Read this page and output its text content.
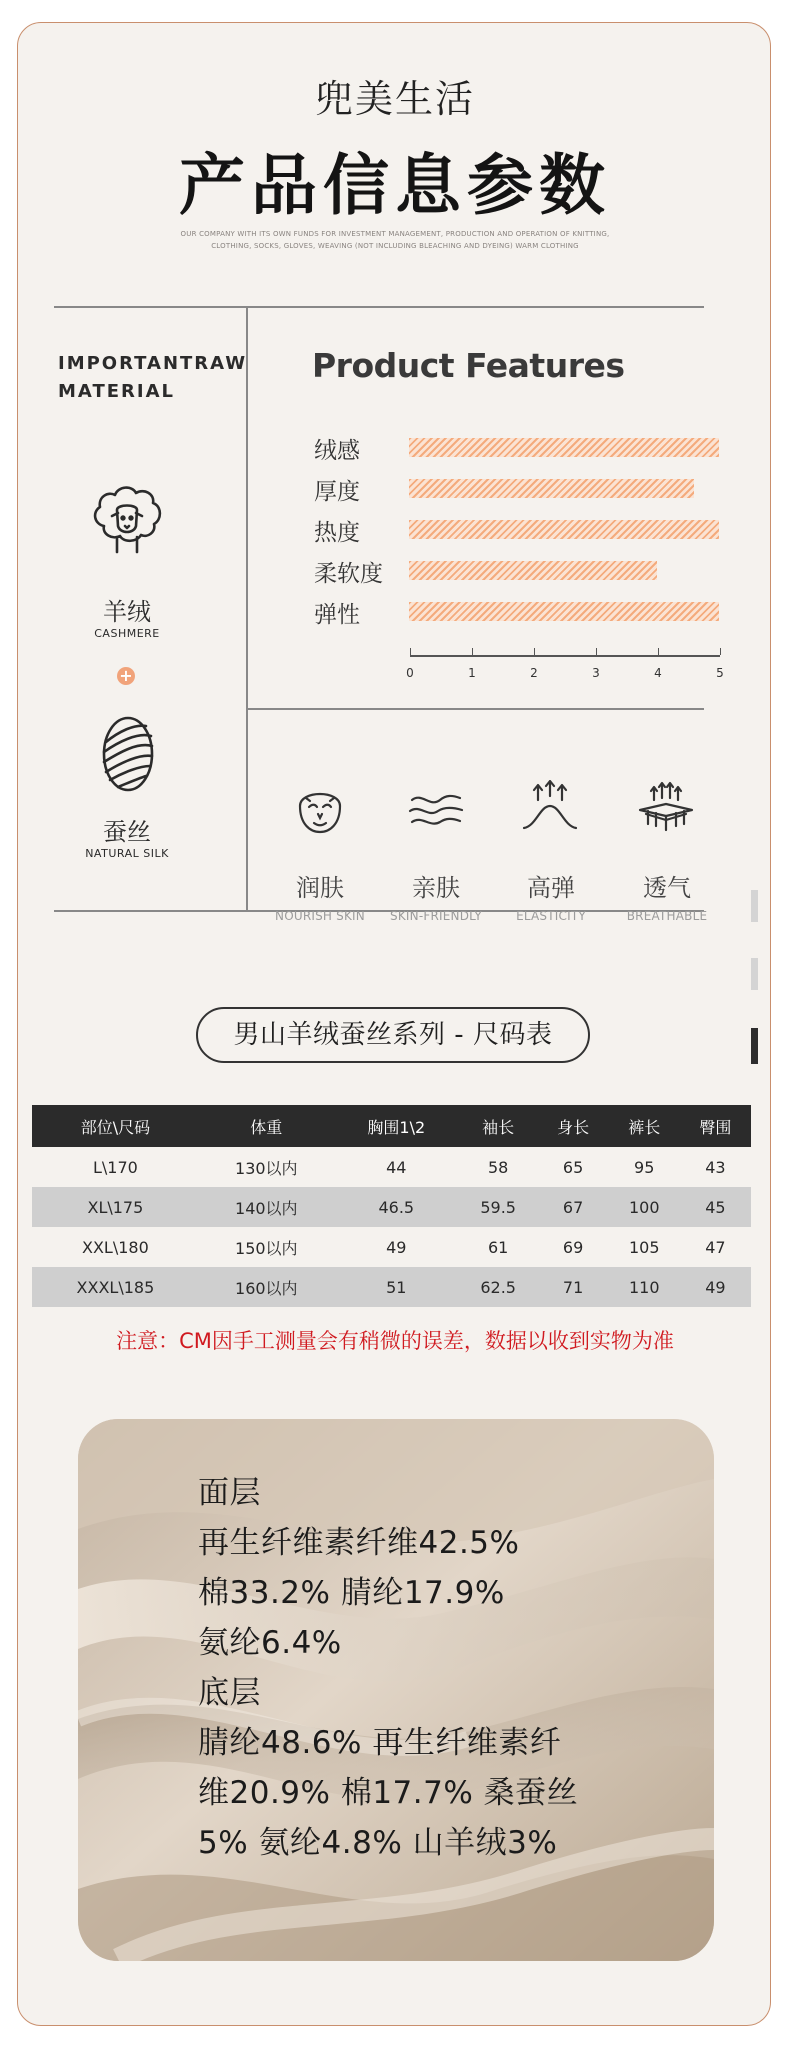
兜美生活
产品信息参数
OUR COMPANY WITH ITS OWN FUNDS FOR INVESTMENT MANAGEMENT, PRODUCTION AND OPERATION OF KNITTING, CLOTHING, SOCKS, GLOVES, WEAVING (NOT INCLUDING BLEACHING AND DYEING) WARM CLOTHING
IMPORTANTRAW
MATERIAL
羊绒
CASHMERE
+
蚕丝
NATURAL SILK
Product Features
绒感
厚度
热度
柔软度
弹性
0	1	2	3	4	5
润肤
NOURISH SKIN
亲肤
SKIN-FRIENDLY
高弹
ELASTICITY
透气
BREATHABLE
男山羊绒蚕丝系列 - 尺码表
部位\尺码	体重	胸围1\2	袖长	身长	裤长	臀围
L\170	130以内	44	58	65	95	43
XL\175	140以内	46.5	59.5	67	100	45
XXL\180	150以内	49	61	69	105	47
XXXL\185	160以内	51	62.5	71	110	49
注意：CM因手工测量会有稍微的误差，数据以收到实物为准
面层
再生纤维素纤维42.5%
棉33.2% 腈纶17.9%
氨纶6.4%
底层
腈纶48.6% 再生纤维素纤
维20.9% 棉17.7% 桑蚕丝
5% 氨纶4.8% 山羊绒3%
